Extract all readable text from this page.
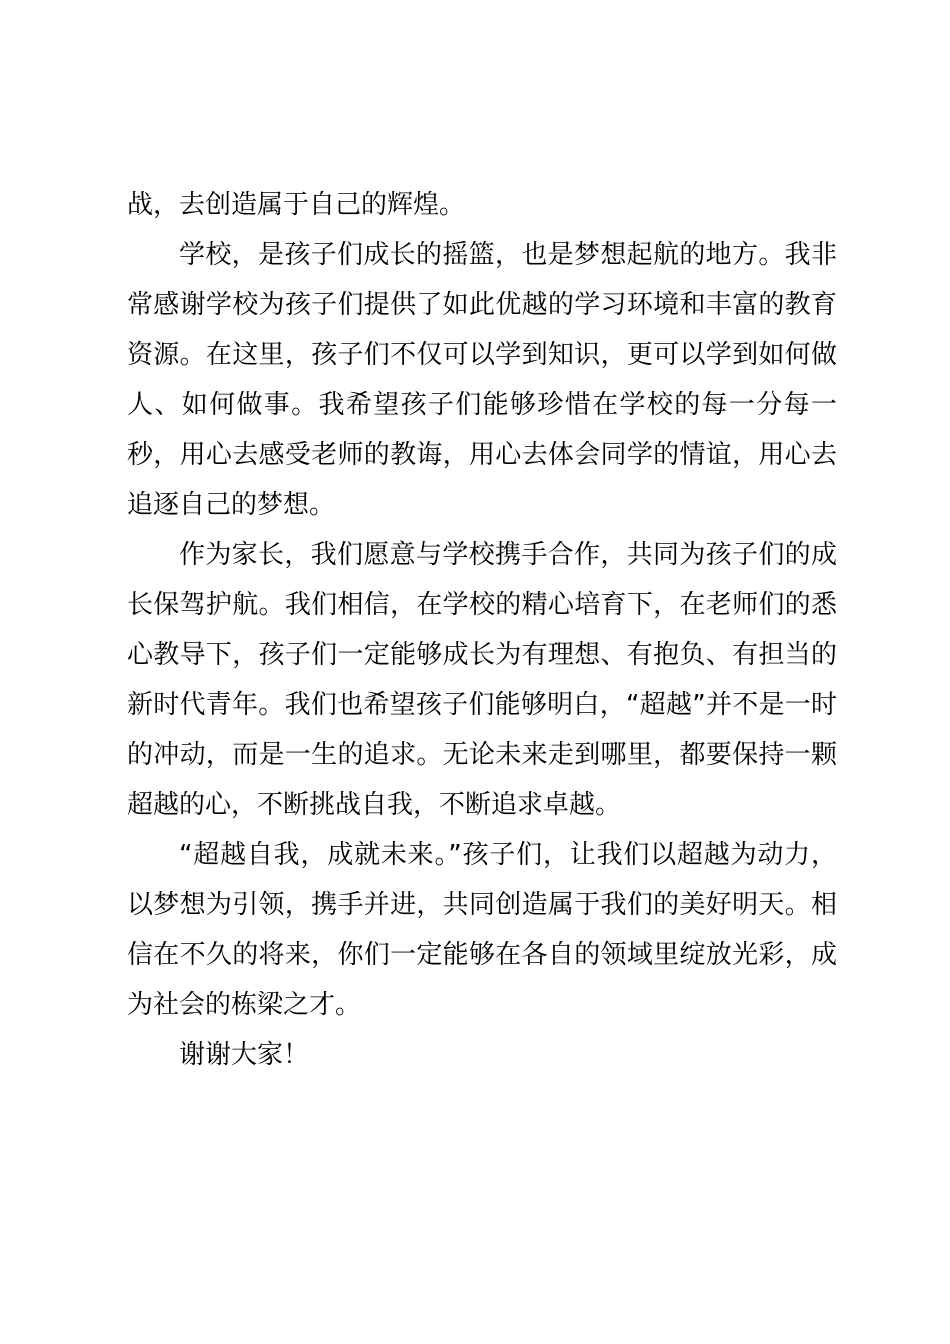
战，去创造属于自己的辉煌。

学校，是孩子们成长的摇篮，也是梦想起航的地方。我非常感谢学校为孩子们提供了如此优越的学习环境和丰富的教育资源。在这里，孩子们不仅可以学到知识，更可以学到如何做人、如何做事。我希望孩子们能够珍惜在学校的每一分每一秒，用心去感受老师的教诲，用心去体会同学的情谊，用心去追逐自己的梦想。

作为家长，我们愿意与学校携手合作，共同为孩子们的成长保驾护航。我们相信，在学校的精心培育下，在老师们的悉心教导下，孩子们一定能够成长为有理想、有抱负、有担当的新时代青年。我们也希望孩子们能够明白，“超越”并不是一时的冲动，而是一生的追求。无论未来走到哪里，都要保持一颗超越的心，不断挑战自我，不断追求卓越。

“超越自我，成就未来。”孩子们，让我们以超越为动力，以梦想为引领，携手并进，共同创造属于我们的美好明天。相信在不久的将来，你们一定能够在各自的领域里绽放光彩，成为社会的栋梁之才。

谢谢大家！
